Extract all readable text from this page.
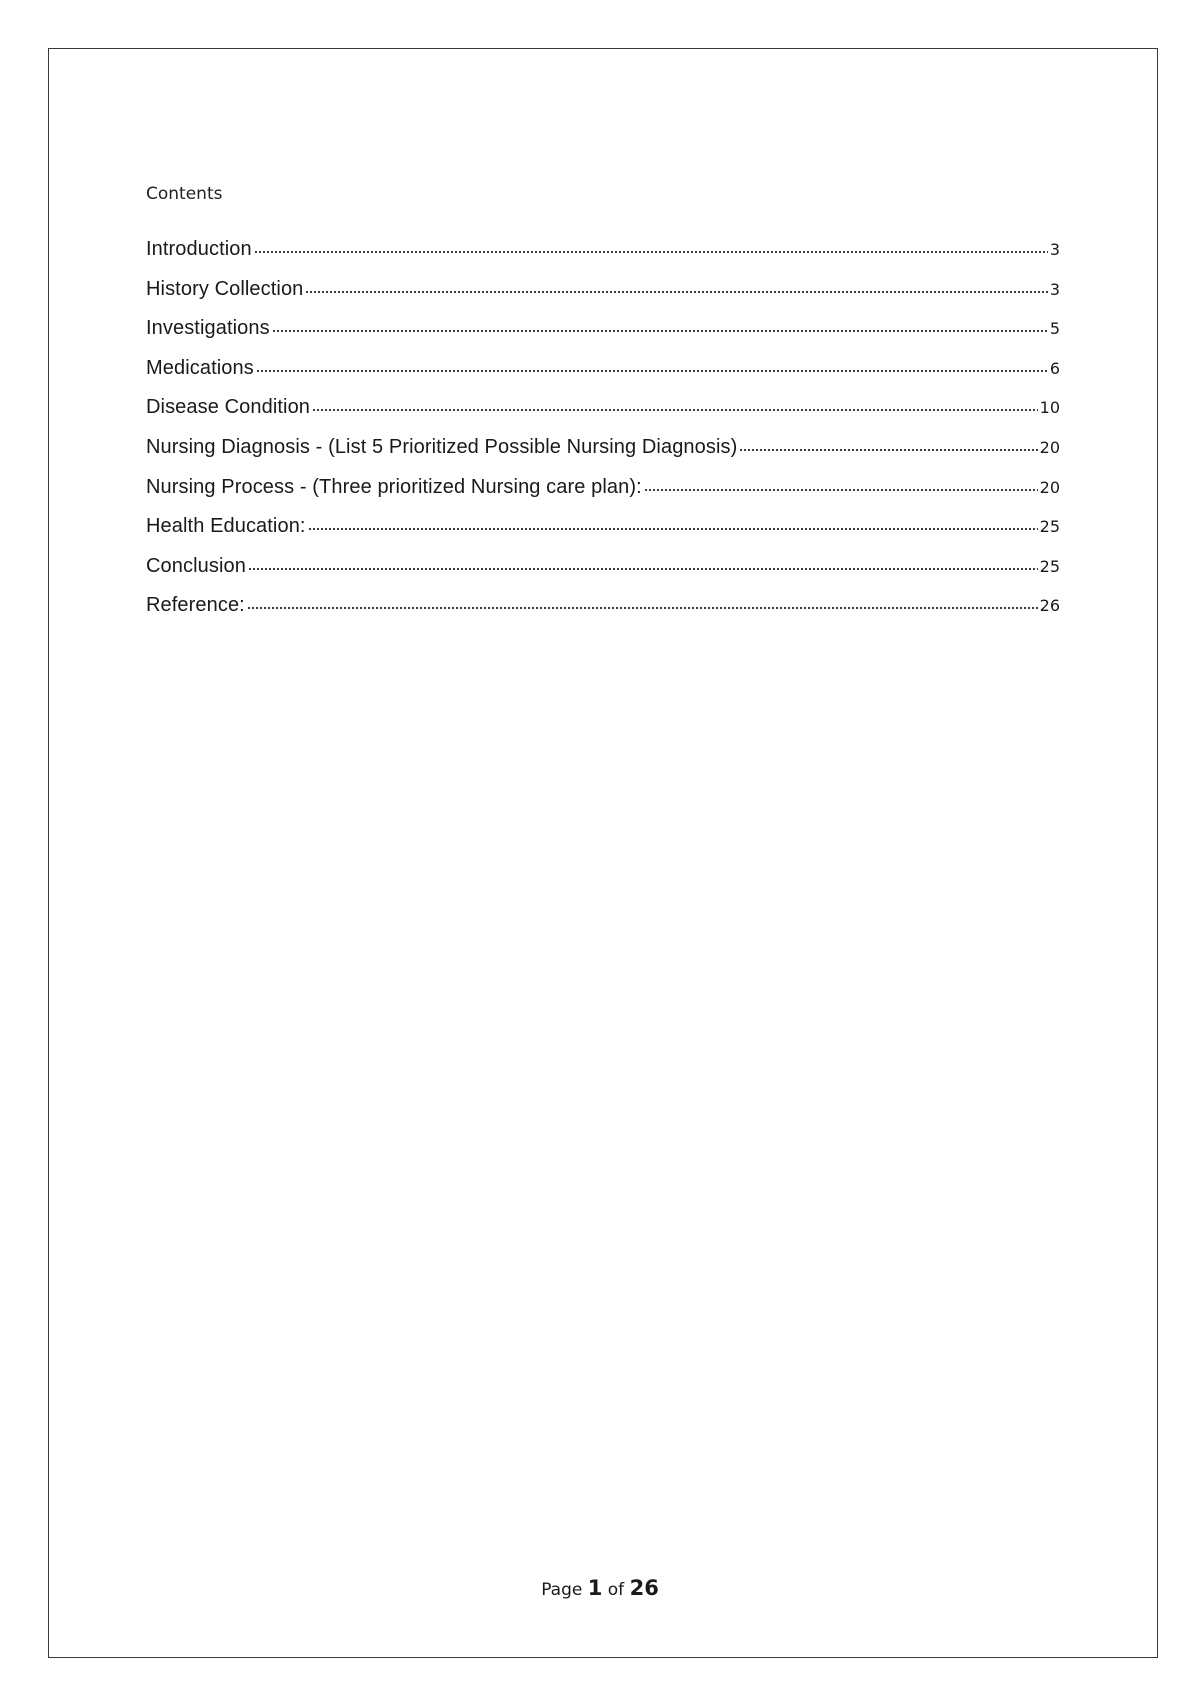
Contents
Introduction	3
History Collection	3
Investigations	5
Medications	6
Disease Condition	10
Nursing Diagnosis - (List 5 Prioritized Possible Nursing Diagnosis)	20
Nursing Process - (Three prioritized Nursing care plan):	20
Health Education:	25
Conclusion	25
Reference:	26
Page 1 of 26
